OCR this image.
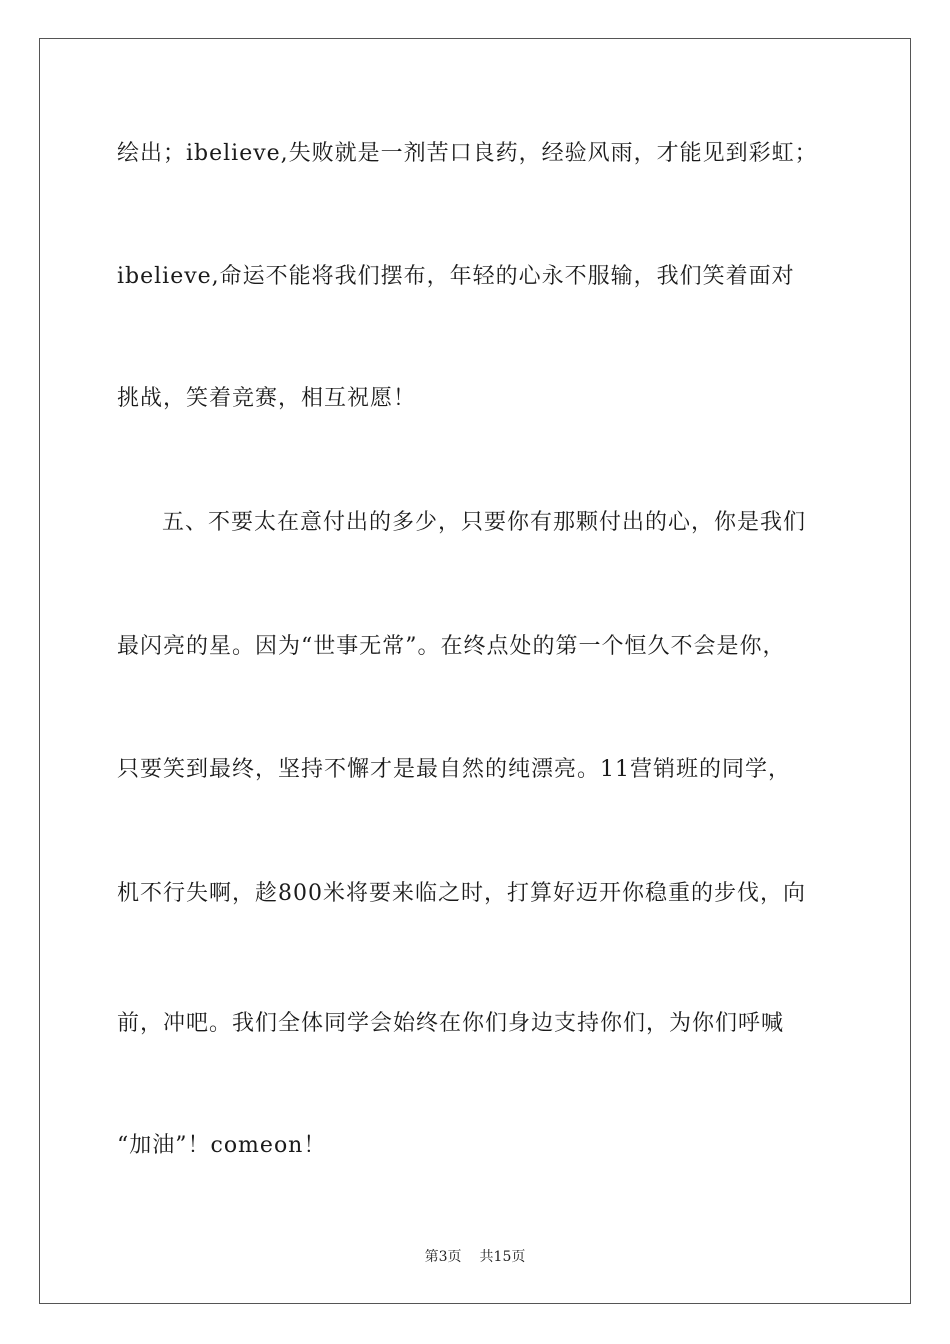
绘出；ibelieve,失败就是一剂苦口良药，经验风雨，才能见到彩虹；
ibelieve,命运不能将我们摆布，年轻的心永不服输，我们笑着面对
挑战，笑着竞赛，相互祝愿！
五、不要太在意付出的多少，只要你有那颗付出的心，你是我们
最闪亮的星。因为“世事无常”。在终点处的第一个恒久不会是你，
只要笑到最终，坚持不懈才是最自然的纯漂亮。11营销班的同学，
机不行失啊，趁800米将要来临之时，打算好迈开你稳重的步伐，向
前，冲吧。我们全体同学会始终在你们身边支持你们，为你们呼喊
“加油”！comeon！
第3页 共15页
